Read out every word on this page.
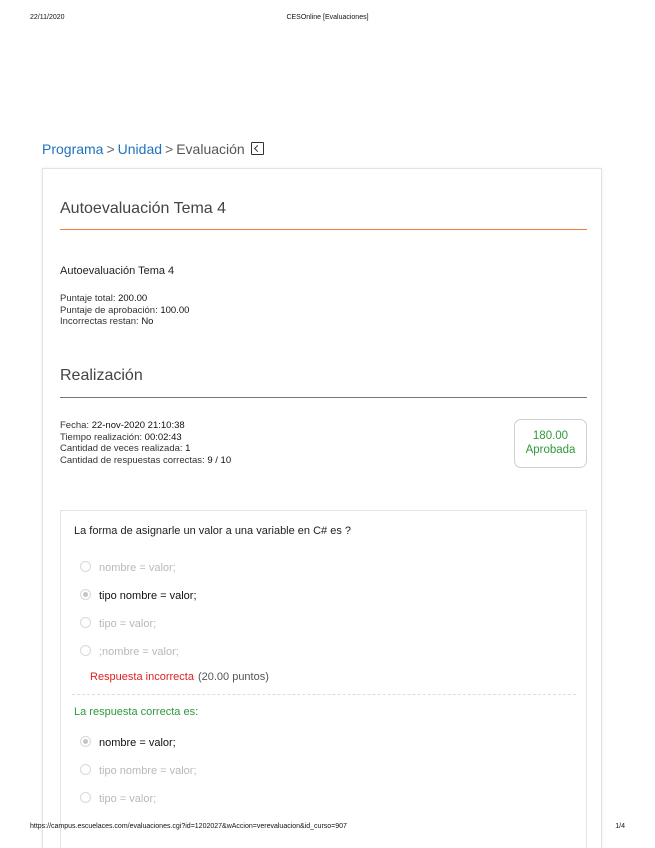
22/11/2020	CESOnline [Evaluaciones]
Programa > Unidad > Evaluación
Autoevaluación Tema 4
Autoevaluación Tema 4
Puntaje total: 200.00
Puntaje de aprobación: 100.00
Incorrectas restan: No
Realización
Fecha: 22-nov-2020 21:10:38
Tiempo realización: 00:02:43
Cantidad de veces realizada: 1
Cantidad de respuestas correctas: 9 / 10
180.00
Aprobada
La forma de asignarle un valor a una variable en C# es ?
nombre = valor;
tipo nombre = valor;
tipo = valor;
;nombre = valor;
Respuesta incorrecta (20.00 puntos)
La respuesta correcta es:
nombre = valor;
tipo nombre = valor;
tipo = valor;
https://campus.escuelaces.com/evaluaciones.cgi?id=1202027&wAccion=verevaluacion&id_curso=907	1/4
